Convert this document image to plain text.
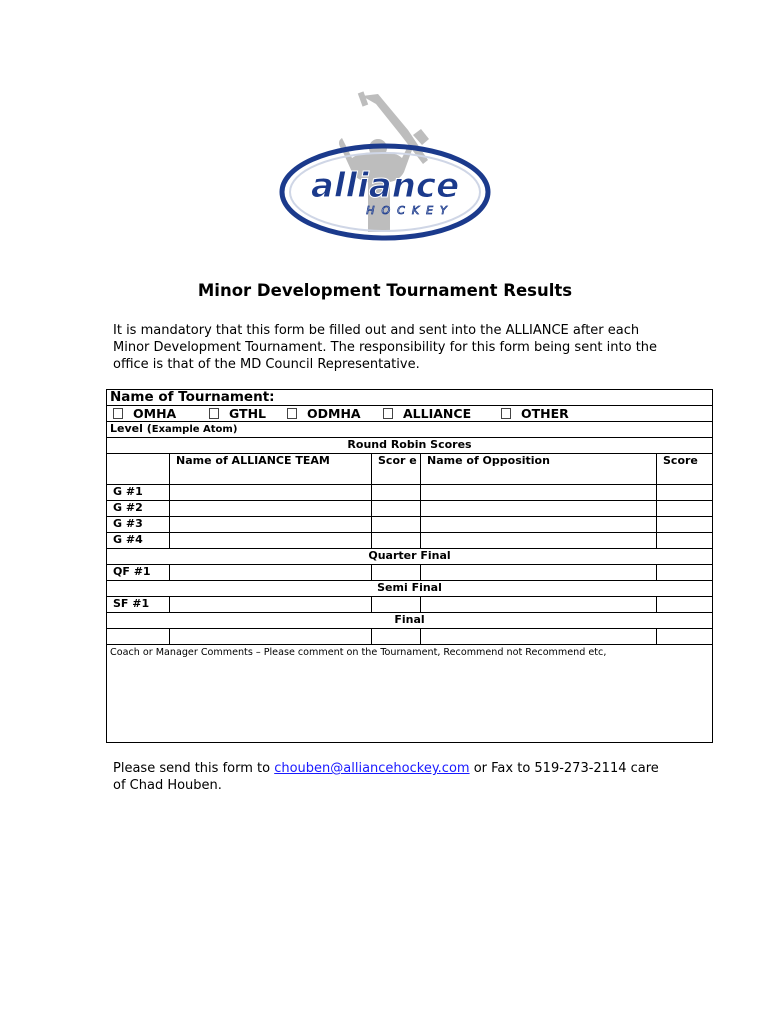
alliance
HOCKEY
Minor Development Tournament Results
It is mandatory that this form be filled out and sent into the ALLIANCE after each Minor Development Tournament. The responsibility for this form being sent into the office is that of the MD Council Representative.
Name of Tournament:				

OMHA GTHL ODMHA ALLIANCE OTHER				

Level (Example Atom)				
Round Robin Scores				
	Name of ALLIANCE TEAM	Scor e	Name of Opposition	Score
G #1				
G #2				
G #3				
G #4				
Quarter Final				
QF #1				
Semi Final				
SF #1				
Final				

Coach or Manager Comments – Please comment on the Tournament, Recommend not Recommend etc,				
Please send this form to chouben@alliancehockey.com or Fax to 519-273-2114 care of Chad Houben.
